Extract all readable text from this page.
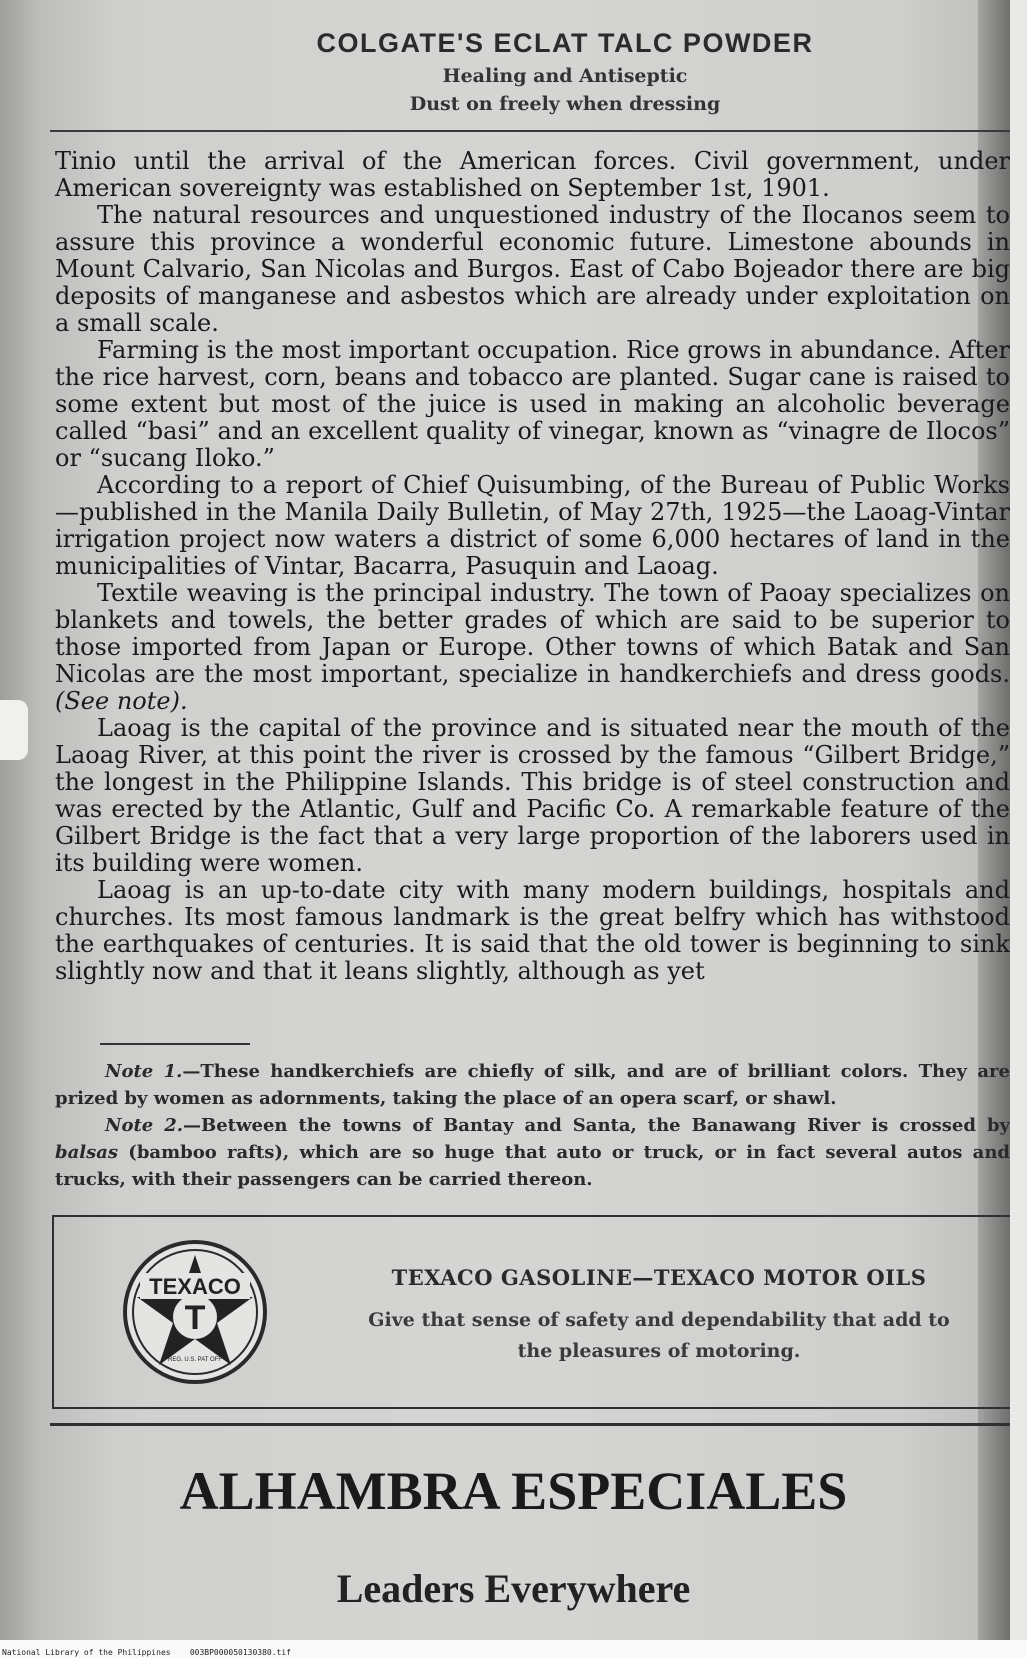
COLGATE'S ECLAT TALC POWDER
Healing and Antiseptic
Dust on freely when dressing

Tinio until the arrival of the American forces. Civil government, under American sovereignty was established on September 1st, 1901.

The natural resources and unquestioned industry of the Ilocanos seem to assure this province a wonderful economic future. Limestone abounds in Mount Calvario, San Nicolas and Burgos. East of Cabo Bojeador there are big deposits of manganese and asbestos which are already under exploitation on a small scale.

Farming is the most important occupation. Rice grows in abundance. After the rice harvest, corn, beans and tobacco are planted. Sugar cane is raised to some extent but most of the juice is used in making an alcoholic beverage called “basi” and an excellent quality of vinegar, known as “vinagre de Ilocos” or “sucang Iloko.”

According to a report of Chief Quisumbing, of the Bureau of Public Works—published in the Manila Daily Bulletin, of May 27th, 1925—the Laoag-Vintar irrigation project now waters a district of some 6,000 hectares of land in the municipalities of Vintar, Bacarra, Pasuquin and Laoag.

Textile weaving is the principal industry. The town of Paoay specializes on blankets and towels, the better grades of which are said to be superior to those imported from Japan or Europe. Other towns of which Batak and San Nicolas are the most important, specialize in handkerchiefs and dress goods. (See note).

Laoag is the capital of the province and is situated near the mouth of the Laoag River, at this point the river is crossed by the famous “Gilbert Bridge,” the longest in the Philippine Islands. This bridge is of steel construction and was erected by the Atlantic, Gulf and Pacific Co. A remarkable feature of the Gilbert Bridge is the fact that a very large proportion of the laborers used in its building were women.

Laoag is an up-to-date city with many modern buildings, hospitals and churches. Its most famous landmark is the great belfry which has withstood the earthquakes of centuries. It is said that the old tower is beginning to sink slightly now and that it leans slightly, although as yet

Note 1.—These handkerchiefs are chiefly of silk, and are of brilliant colors. They are prized by women as adornments, taking the place of an opera scarf, or shawl.

Note 2.—Between the towns of Bantay and Santa, the Banawang River is crossed by balsas (bamboo rafts), which are so huge that auto or truck, or in fact several autos and trucks, with their passengers can be carried thereon.

T
TEXACO
REG. U.S. PAT OFF
TEXACO GASOLINE—TEXACO MOTOR OILS
Give that sense of safety and dependability that add to
the pleasures of motoring.
ALHAMBRA ESPECIALES
Leaders Everywhere
National Library of the Philippines 003BP000050130380.tif
